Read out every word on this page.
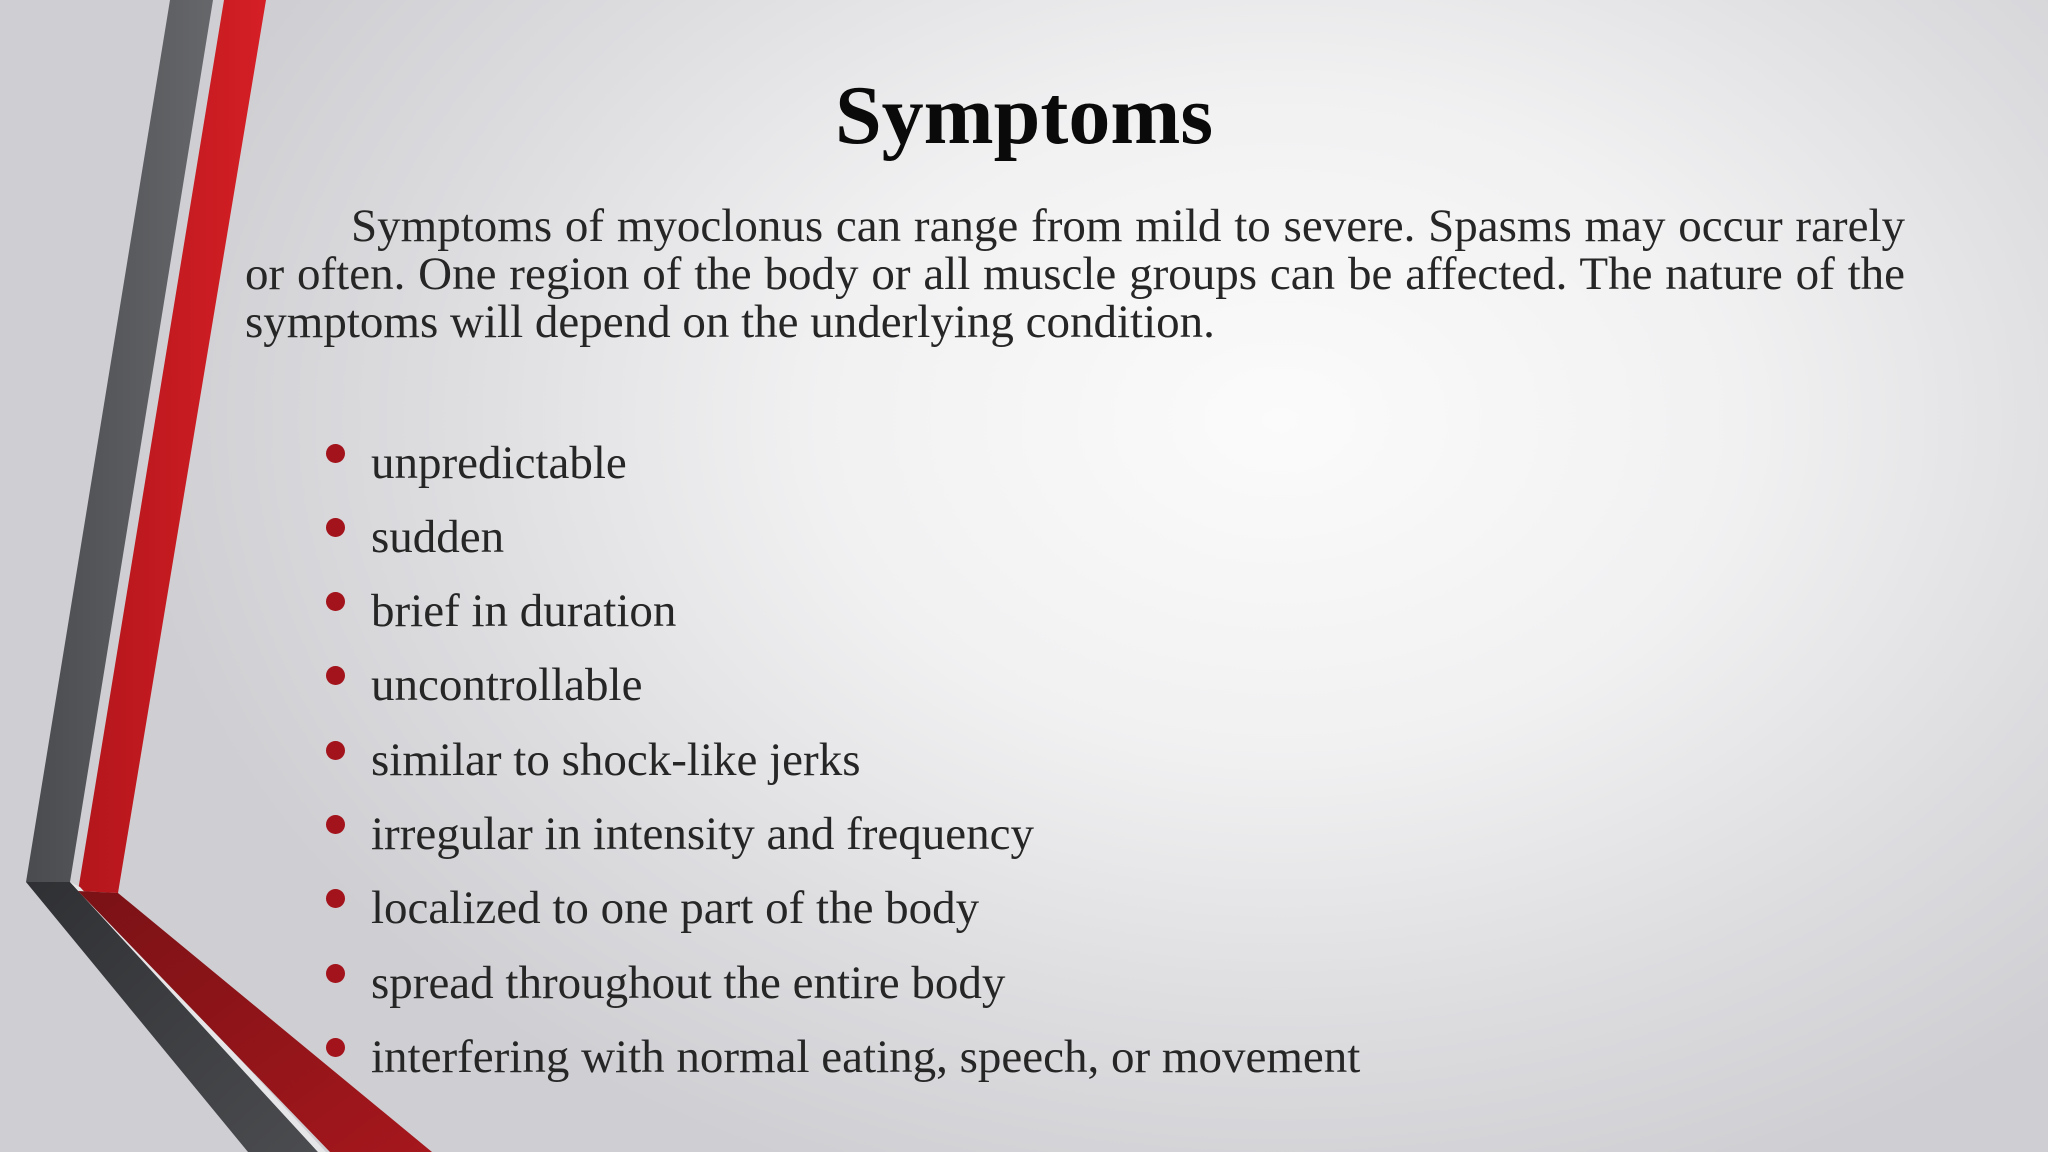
Symptoms

Symptoms of myoclonus can range from mild to severe. Spasms may occur rarely or often. One region of the body or all muscle groups can be affected. The nature of the symptoms will depend on the underlying condition.

unpredictable
sudden
brief in duration
uncontrollable
similar to shock-like jerks
irregular in intensity and frequency
localized to one part of the body
spread throughout the entire body
interfering with normal eating, speech, or movement
